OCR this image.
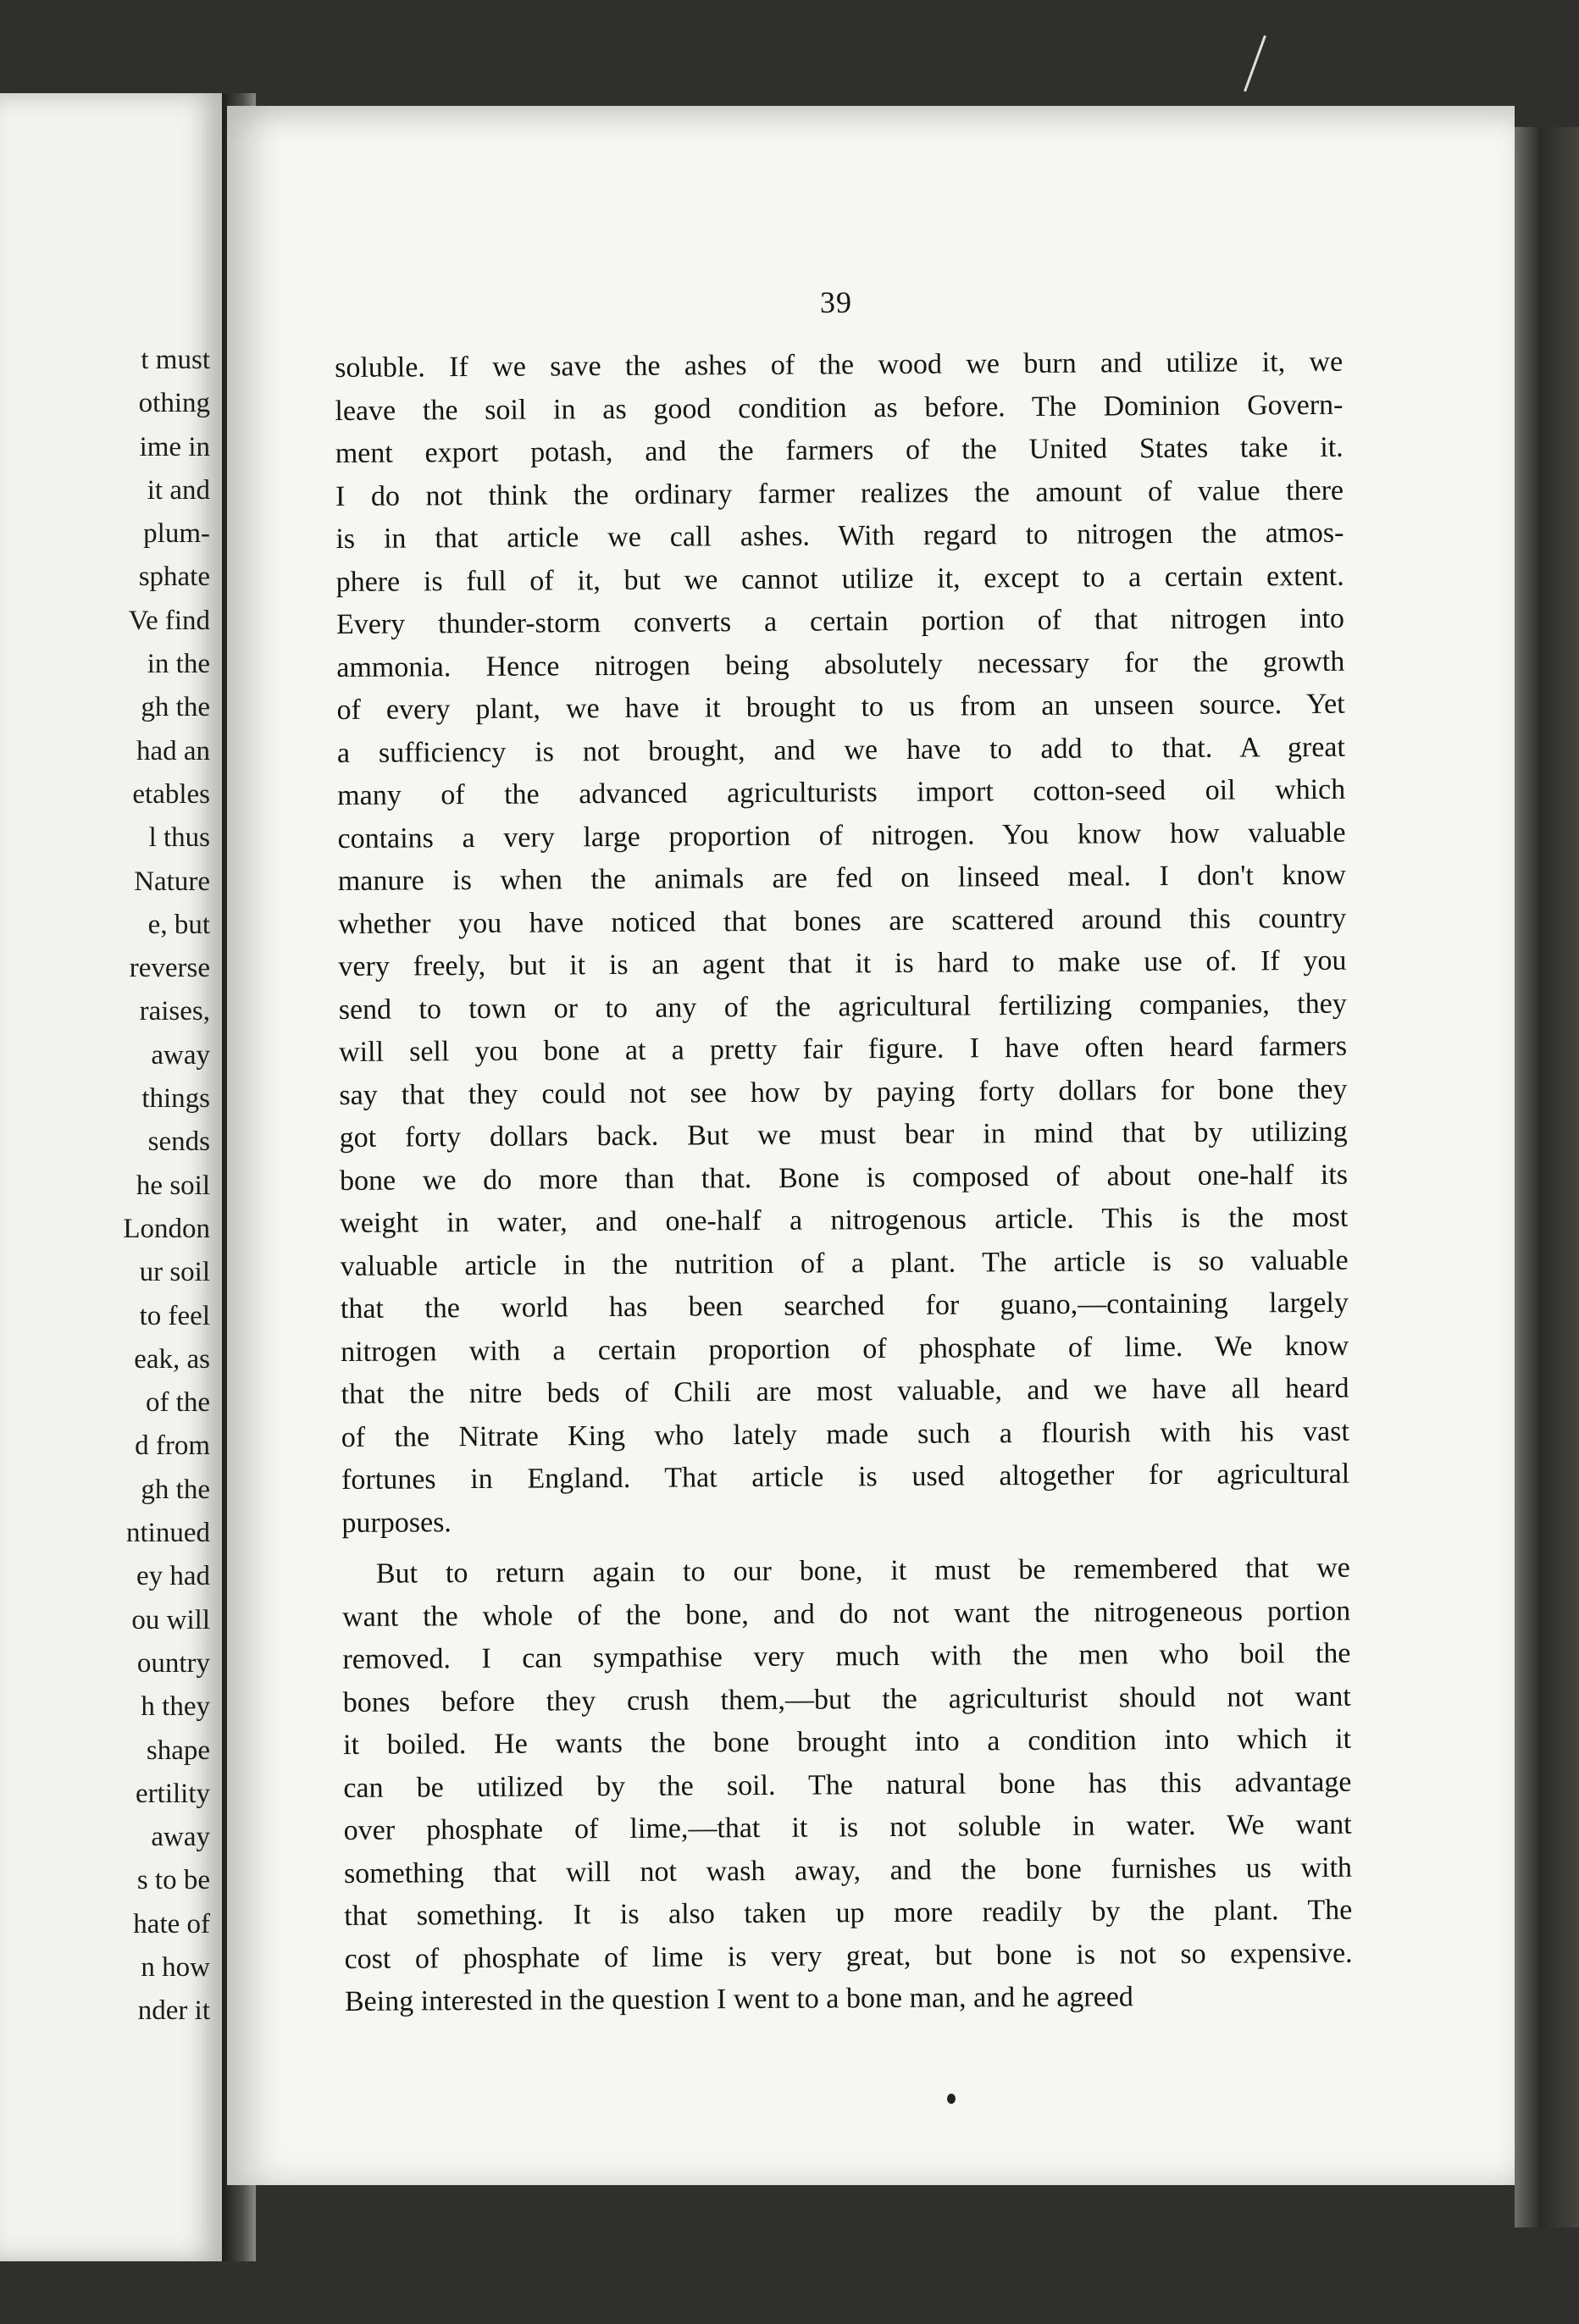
t must
othing
ime in
it and
plum-
sphate
Ve find
in the
gh the
had an
etables
l thus
Nature
e, but
reverse
raises,
away
things
sends
he soil
London
ur soil
to feel
eak, as
of the
d from
gh the
ntinued
ey had
ou will
ountry
h they
shape
ertility
away
s to be
hate of
n how
nder it
39
soluble. If we save the ashes of the wood we burn and utilize it, we
leave the soil in as good condition as before. The Dominion Govern-
ment export potash, and the farmers of the United States take it.
I do not think the ordinary farmer realizes the amount of value there
is in that article we call ashes. With regard to nitrogen the atmos-
phere is full of it, but we cannot utilize it, except to a certain extent.
Every thunder-storm converts a certain portion of that nitrogen into
ammonia. Hence nitrogen being absolutely necessary for the growth
of every plant, we have it brought to us from an unseen source. Yet
a sufficiency is not brought, and we have to add to that. A great
many of the advanced agriculturists import cotton-seed oil which
contains a very large proportion of nitrogen. You know how valuable
manure is when the animals are fed on linseed meal. I don't know
whether you have noticed that bones are scattered around this country
very freely, but it is an agent that it is hard to make use of. If you
send to town or to any of the agricultural fertilizing companies, they
will sell you bone at a pretty fair figure. I have often heard farmers
say that they could not see how by paying forty dollars for bone they
got forty dollars back. But we must bear in mind that by utilizing
bone we do more than that. Bone is composed of about one-half its
weight in water, and one-half a nitrogenous article. This is the most
valuable article in the nutrition of a plant. The article is so valuable
that the world has been searched for guano,—containing largely
nitrogen with a certain proportion of phosphate of lime. We know
that the nitre beds of Chili are most valuable, and we have all heard
of the Nitrate King who lately made such a flourish with his vast
fortunes in England. That article is used altogether for agricultural
purposes.
But to return again to our bone, it must be remembered that we
want the whole of the bone, and do not want the nitrogeneous portion
removed. I can sympathise very much with the men who boil the
bones before they crush them,—but the agriculturist should not want
it boiled. He wants the bone brought into a condition into which it
can be utilized by the soil. The natural bone has this advantage
over phosphate of lime,—that it is not soluble in water. We want
something that will not wash away, and the bone furnishes us with
that something. It is also taken up more readily by the plant. The
cost of phosphate of lime is very great, but bone is not so expensive.
Being interested in the question I went to a bone man, and he agreed
